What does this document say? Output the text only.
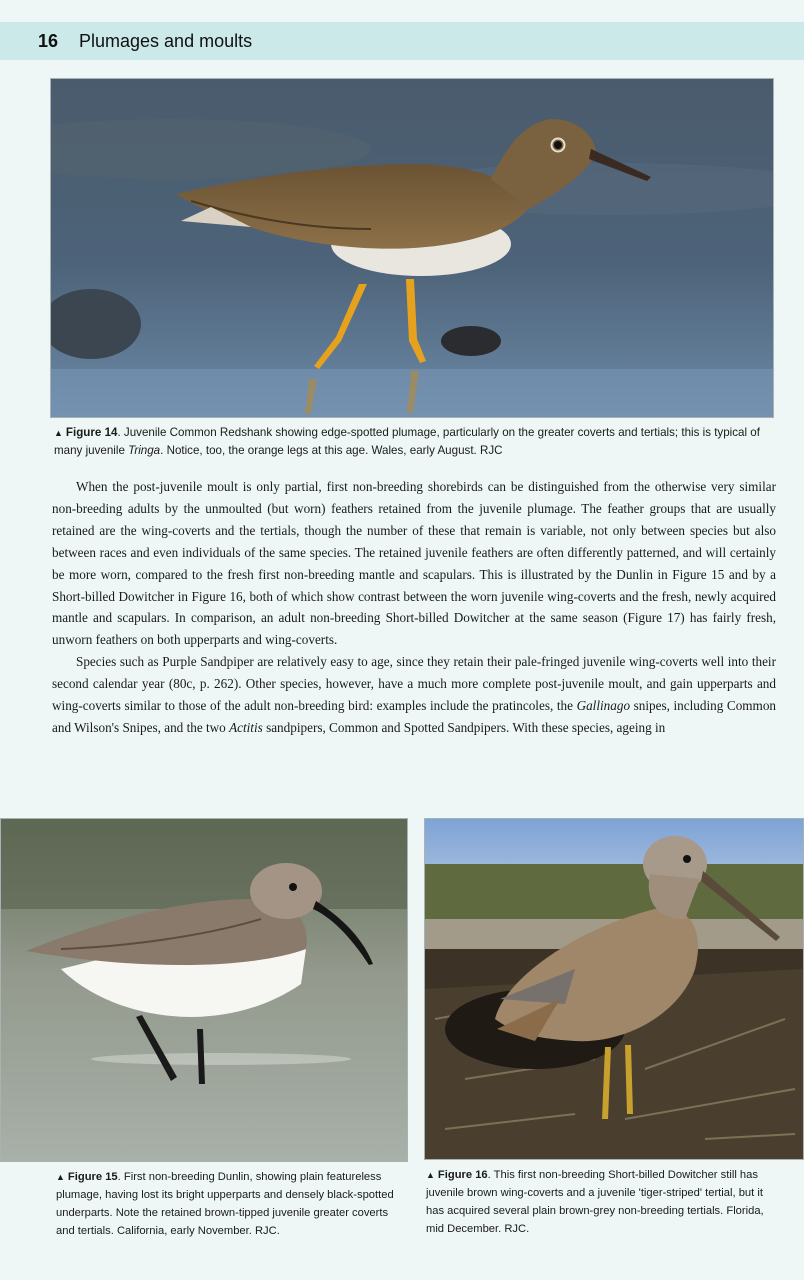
16 Plumages and moults
▲ Figure 14. Juvenile Common Redshank showing edge-spotted plumage, particularly on the greater coverts and tertials; this is typical of many juvenile Tringa. Notice, too, the orange legs at this age. Wales, early August. RJC

When the post-juvenile moult is only partial, first non-breeding shorebirds can be distinguished from the otherwise very similar non-breeding adults by the unmoulted (but worn) feathers retained from the juvenile plumage. The feather groups that are usually retained are the wing-coverts and the tertials, though the number of these that remain is variable, not only between species but also between races and even individuals of the same species. The retained juvenile feathers are often differently patterned, and will certainly be more worn, compared to the fresh first non-breeding mantle and scapulars. This is illustrated by the Dunlin in Figure 15 and by a Short-billed Dowitcher in Figure 16, both of which show contrast between the worn juvenile wing-coverts and the fresh, newly acquired mantle and scapulars. In comparison, an adult non-breeding Short-billed Dowitcher at the same season (Figure 17) has fairly fresh, unworn feathers on both upperparts and wing-coverts.

Species such as Purple Sandpiper are relatively easy to age, since they retain their pale-fringed juvenile wing-coverts well into their second calendar year (80c, p. 262). Other species, however, have a much more complete post-juvenile moult, and gain upperparts and wing-coverts similar to those of the adult non-breeding bird: examples include the pratincoles, the Gallinago snipes, including Common and Wilson's Snipes, and the two Actitis sandpipers, Common and Spotted Sandpipers. With these species, ageing in

▲ Figure 15. First non-breeding Dunlin, showing plain featureless plumage, having lost its bright upperparts and densely black-spotted underparts. Note the retained brown-tipped juvenile greater coverts and tertials. California, early November. RJC.
▲ Figure 16. This first non-breeding Short-billed Dowitcher still has juvenile brown wing-coverts and a juvenile 'tiger-striped' tertial, but it has acquired several plain brown-grey non-breeding tertials. Florida, mid December. RJC.
